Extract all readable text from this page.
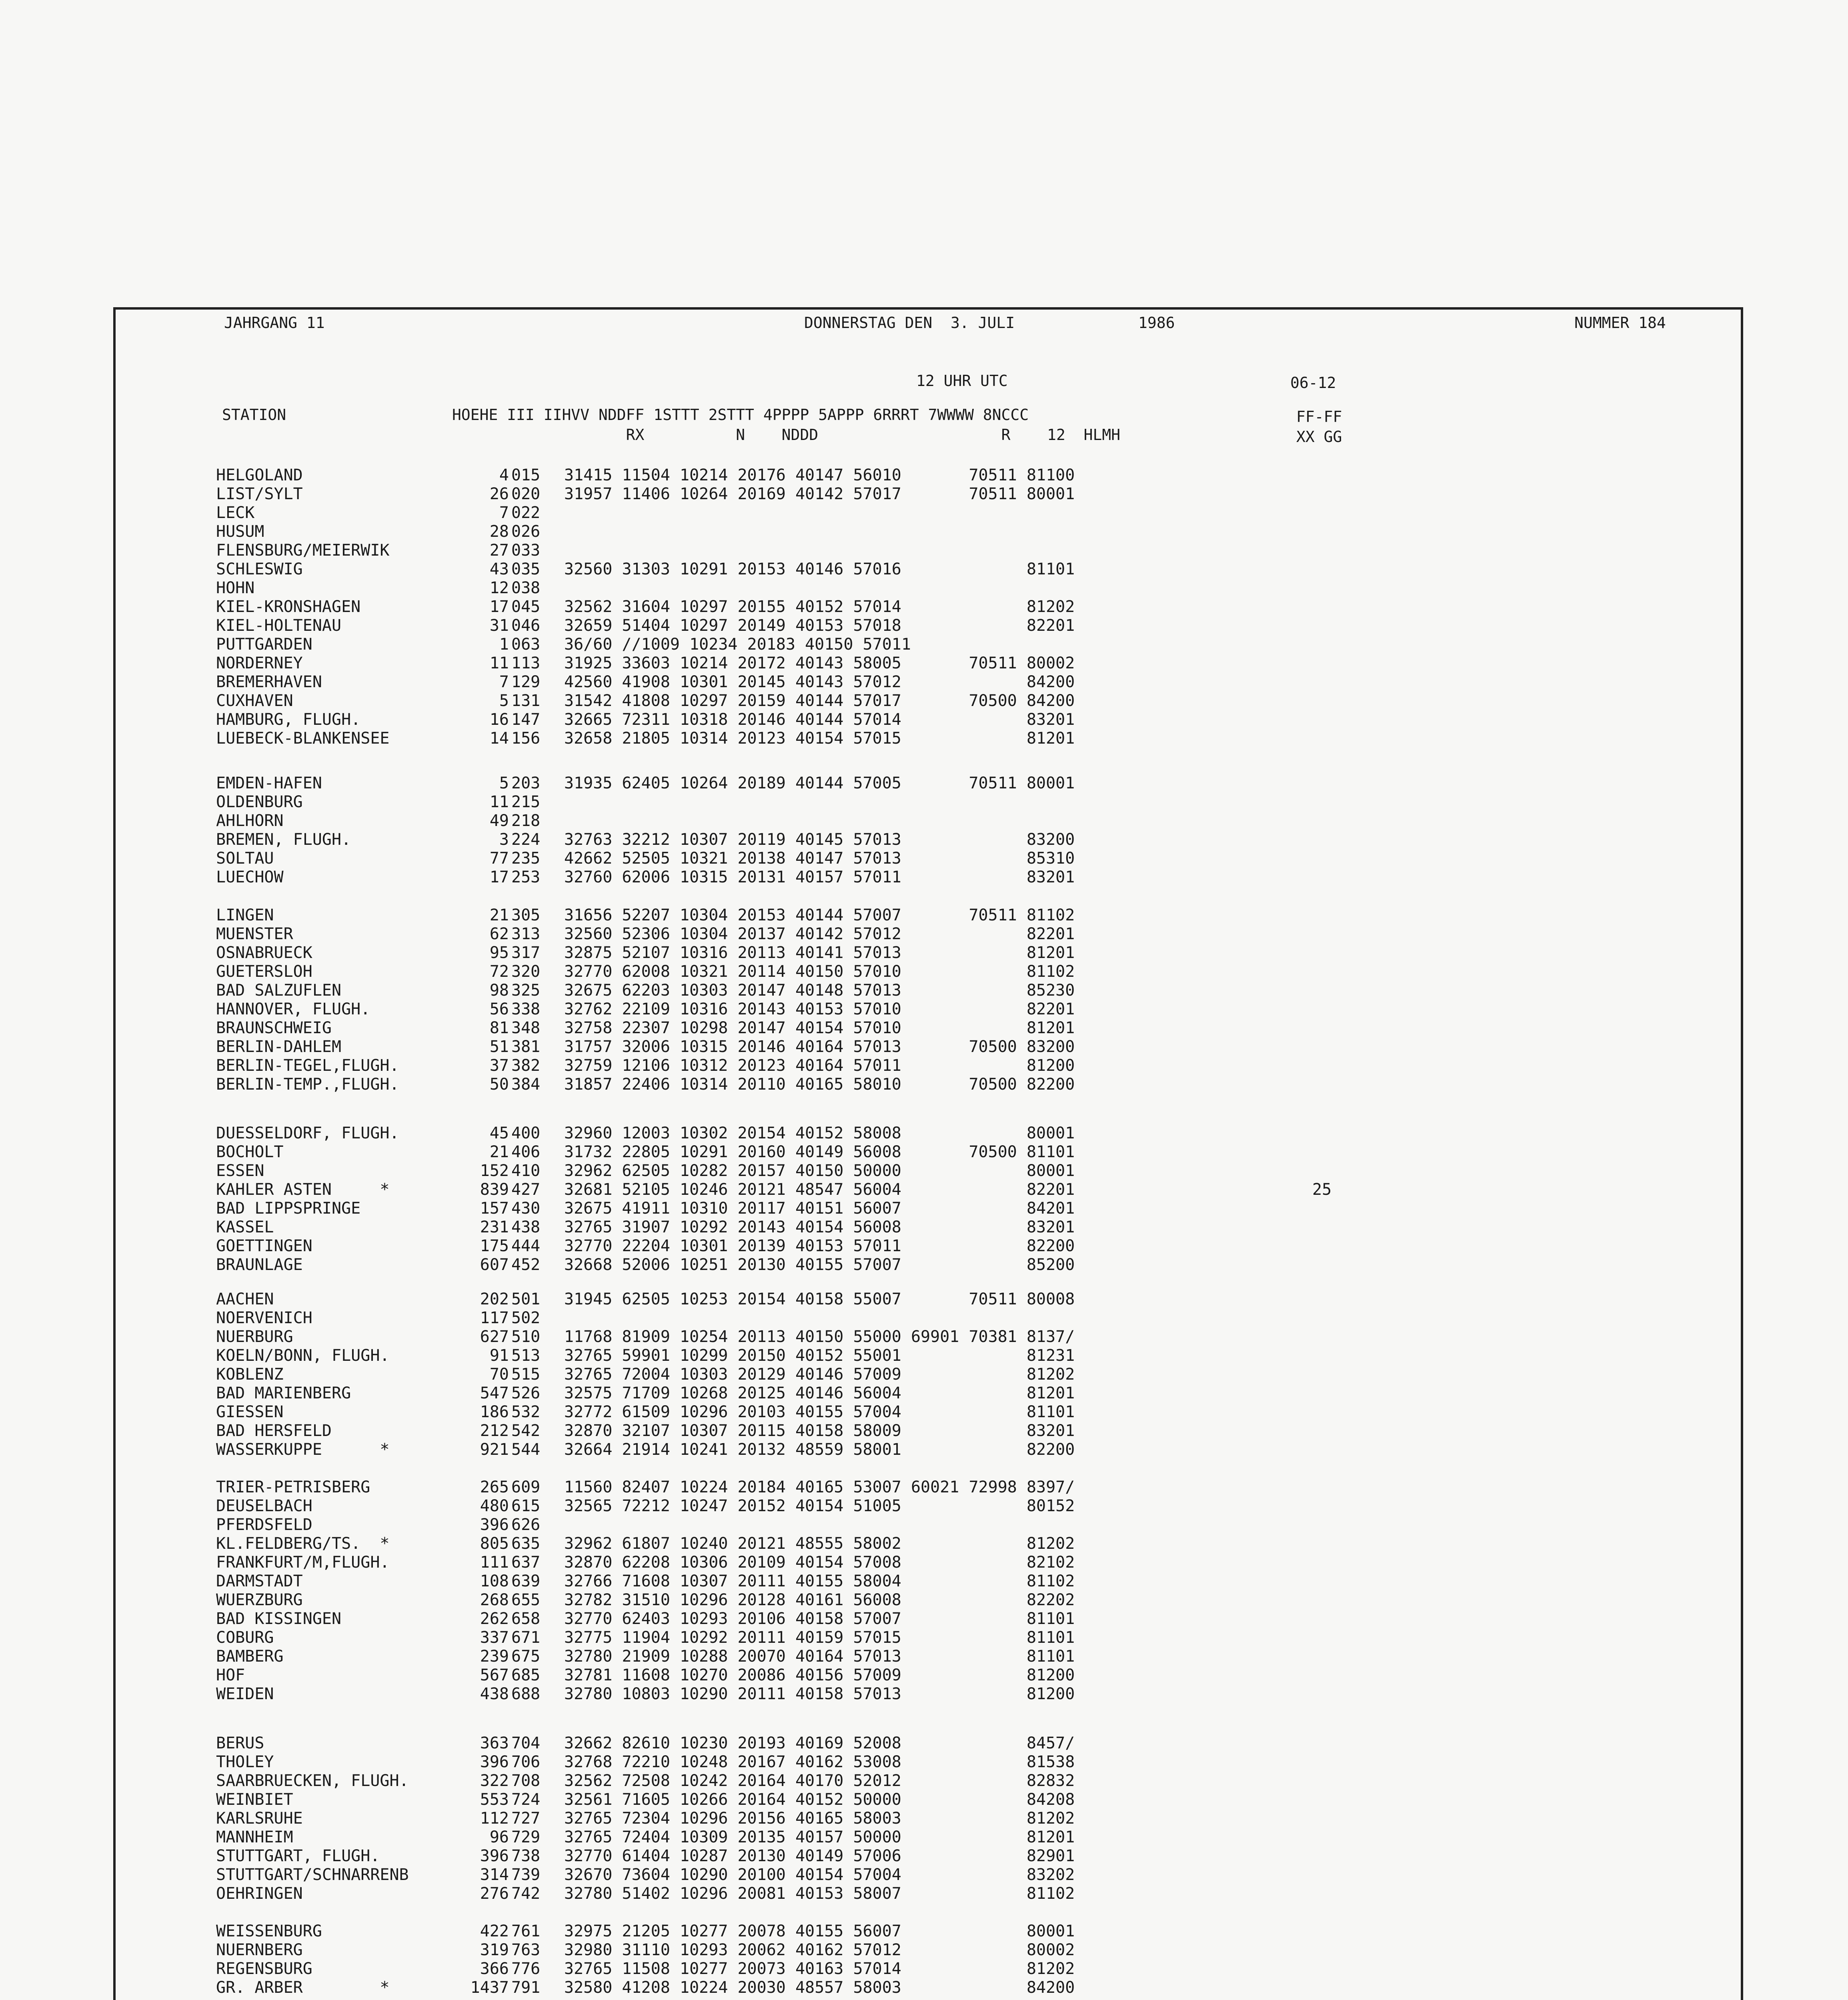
JAHRGANG 11	DONNERSTAG DEN  3. JULI	1986	NUMMER 184
12 UHR UTC	06-12
STATION	HOEHE III IIHVV NDDFF 1STTT 2STTT 4PPPP 5APPP 6RRRT 7WWWW 8NCCC
RX          N    NDDD                    R    12  HLMH
FF-FF
XX GG
HELGOLAND	4 015 31415 11504 10214 20176 40147 56010       70511 81100
LIST/SYLT	26 020 31957 11406 10264 20169 40142 57017       70511 80001
LECK	7 022
HUSUM	28 026
FLENSBURG/MEIERWIK	27 033
SCHLESWIG	43 035 32560 31303 10291 20153 40146 57016             81101
HOHN	12 038
KIEL-KRONSHAGEN	17 045 32562 31604 10297 20155 40152 57014             81202
KIEL-HOLTENAU	31 046 32659 51404 10297 20149 40153 57018             82201
PUTTGARDEN	1 063 36/60 //1009 10234 20183 40150 57011
NORDERNEY	11 113 31925 33603 10214 20172 40143 58005       70511 80002
BREMERHAVEN	7 129 42560 41908 10301 20145 40143 57012             84200
CUXHAVEN	5 131 31542 41808 10297 20159 40144 57017       70500 84200
HAMBURG, FLUGH.	16 147 32665 72311 10318 20146 40144 57014             83201
LUEBECK-BLANKENSEE	14 156 32658 21805 10314 20123 40154 57015             81201
EMDEN-HAFEN	5 203 31935 62405 10264 20189 40144 57005       70511 80001
OLDENBURG	11 215
AHLHORN	49 218
BREMEN, FLUGH.	3 224 32763 32212 10307 20119 40145 57013             83200
SOLTAU	77 235 42662 52505 10321 20138 40147 57013             85310
LUECHOW	17 253 32760 62006 10315 20131 40157 57011             83201
LINGEN	21 305 31656 52207 10304 20153 40144 57007       70511 81102
MUENSTER	62 313 32560 52306 10304 20137 40142 57012             82201
OSNABRUECK	95 317 32875 52107 10316 20113 40141 57013             81201
GUETERSLOH	72 320 32770 62008 10321 20114 40150 57010             81102
BAD SALZUFLEN	98 325 32675 62203 10303 20147 40148 57013             85230
HANNOVER, FLUGH.	56 338 32762 22109 10316 20143 40153 57010             82201
BRAUNSCHWEIG	81 348 32758 22307 10298 20147 40154 57010             81201
BERLIN-DAHLEM	51 381 31757 32006 10315 20146 40164 57013       70500 83200
BERLIN-TEGEL,FLUGH.	37 382 32759 12106 10312 20123 40164 57011             81200
BERLIN-TEMP.,FLUGH.	50 384 31857 22406 10314 20110 40165 58010       70500 82200
DUESSELDORF, FLUGH.	45 400 32960 12003 10302 20154 40152 58008             80001
BOCHOLT	21 406 31732 22805 10291 20160 40149 56008       70500 81101
ESSEN	152 410 32962 62505 10282 20157 40150 50000             80001
KAHLER ASTEN     *	839 427 32681 52105 10246 20121 48547 56004             82201	25
BAD LIPPSPRINGE	157 430 32675 41911 10310 20117 40151 56007             84201
KASSEL	231 438 32765 31907 10292 20143 40154 56008             83201
GOETTINGEN	175 444 32770 22204 10301 20139 40153 57011             82200
BRAUNLAGE	607 452 32668 52006 10251 20130 40155 57007             85200
AACHEN	202 501 31945 62505 10253 20154 40158 55007       70511 80008
NOERVENICH	117 502
NUERBURG	627 510 11768 81909 10254 20113 40150 55000 69901 70381 8137/
KOELN/BONN, FLUGH.	91 513 32765 59901 10299 20150 40152 55001             81231
KOBLENZ	70 515 32765 72004 10303 20129 40146 57009             81202
BAD MARIENBERG	547 526 32575 71709 10268 20125 40146 56004             81201
GIESSEN	186 532 32772 61509 10296 20103 40155 57004             81101
BAD HERSFELD	212 542 32870 32107 10307 20115 40158 58009             83201
WASSERKUPPE      *	921 544 32664 21914 10241 20132 48559 58001             82200
TRIER-PETRISBERG	265 609 11560 82407 10224 20184 40165 53007 60021 72998 8397/
DEUSELBACH	480 615 32565 72212 10247 20152 40154 51005             80152
PFERDSFELD	396 626
KL.FELDBERG/TS.  *	805 635 32962 61807 10240 20121 48555 58002             81202
FRANKFURT/M,FLUGH.	111 637 32870 62208 10306 20109 40154 57008             82102
DARMSTADT	108 639 32766 71608 10307 20111 40155 58004             81102
WUERZBURG	268 655 32782 31510 10296 20128 40161 56008             82202
BAD KISSINGEN	262 658 32770 62403 10293 20106 40158 57007             81101
COBURG	337 671 32775 11904 10292 20111 40159 57015             81101
BAMBERG	239 675 32780 21909 10288 20070 40164 57013             81101
HOF	567 685 32781 11608 10270 20086 40156 57009             81200
WEIDEN	438 688 32780 10803 10290 20111 40158 57013             81200
BERUS	363 704 32662 82610 10230 20193 40169 52008             8457/
THOLEY	396 706 32768 72210 10248 20167 40162 53008             81538
SAARBRUECKEN, FLUGH.	322 708 32562 72508 10242 20164 40170 52012             82832
WEINBIET	553 724 32561 71605 10266 20164 40152 50000             84208
KARLSRUHE	112 727 32765 72304 10296 20156 40165 58003             81202
MANNHEIM	96 729 32765 72404 10309 20135 40157 50000             81201
STUTTGART, FLUGH.	396 738 32770 61404 10287 20130 40149 57006             82901
STUTTGART/SCHNARRENB	314 739 32670 73604 10290 20100 40154 57004             83202
OEHRINGEN	276 742 32780 51402 10296 20081 40153 58007             81102
WEISSENBURG	422 761 32975 21205 10277 20078 40155 56007             80001
NUERNBERG	319 763 32980 31110 10293 20062 40162 57012             80002
REGENSBURG	366 776 32765 11508 10277 20073 40163 57014             81202
GR. ARBER        *	1437 791 32580 41208 10224 20030 48557 58003             84200
